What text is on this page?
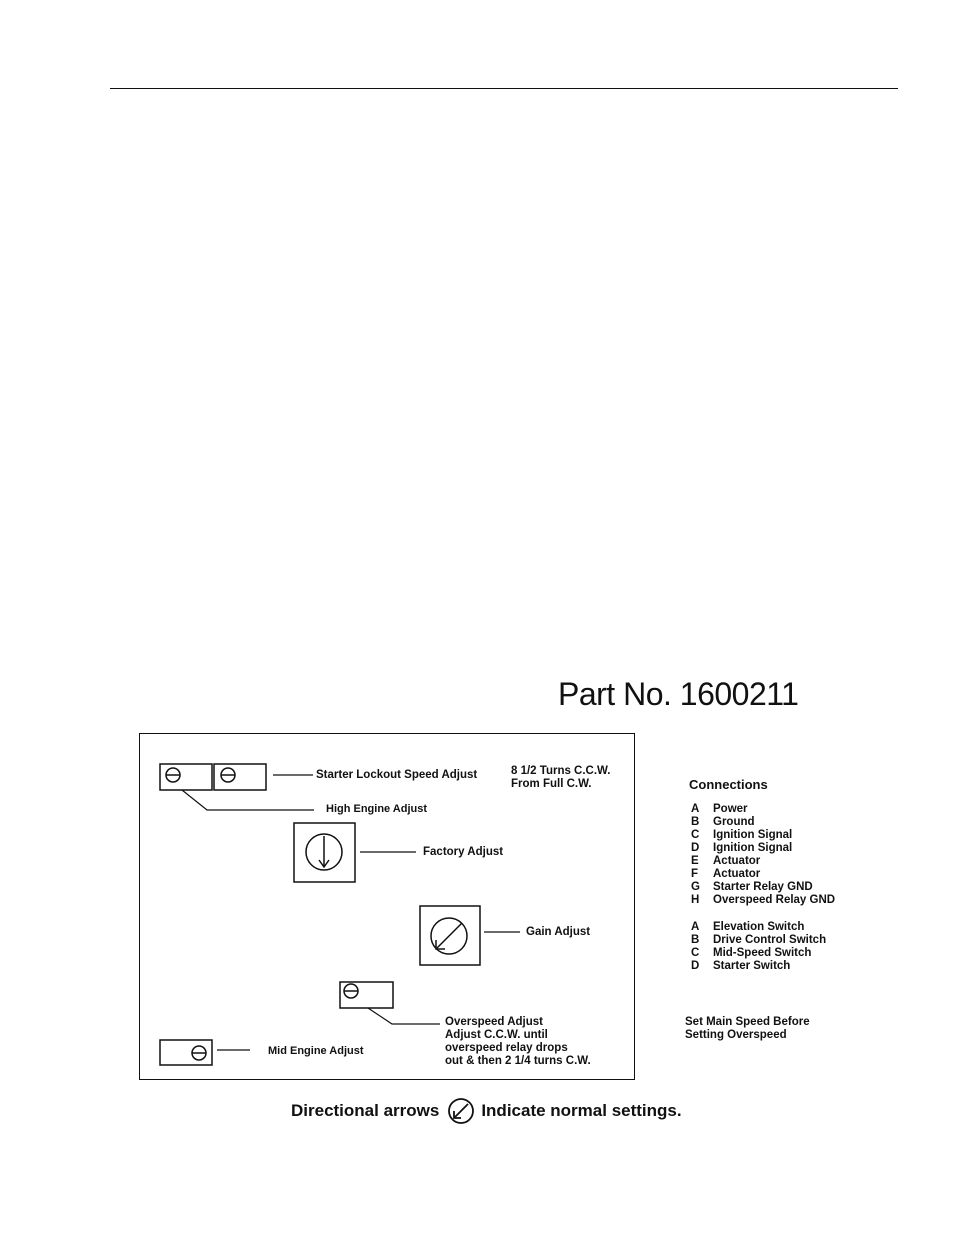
Part No. 1600211
Starter Lockout Speed Adjust	8 1/2 Turns C.C.W.
From Full C.W.
High Engine Adjust
Factory Adjust
Gain Adjust
Overspeed Adjust
Adjust C.C.W. until
overspeed relay drops
out & then 2 1/4 turns C.W.
Mid Engine Adjust
Connections
A Power
B Ground
C Ignition Signal
D Ignition Signal
E Actuator
F Actuator
G Starter Relay GND
H Overspeed Relay GND
A Elevation Switch
B Drive Control Switch
C Mid-Speed Switch
D Starter Switch
Set Main Speed Before
Setting Overspeed
Directional arrows Indicate normal settings.
